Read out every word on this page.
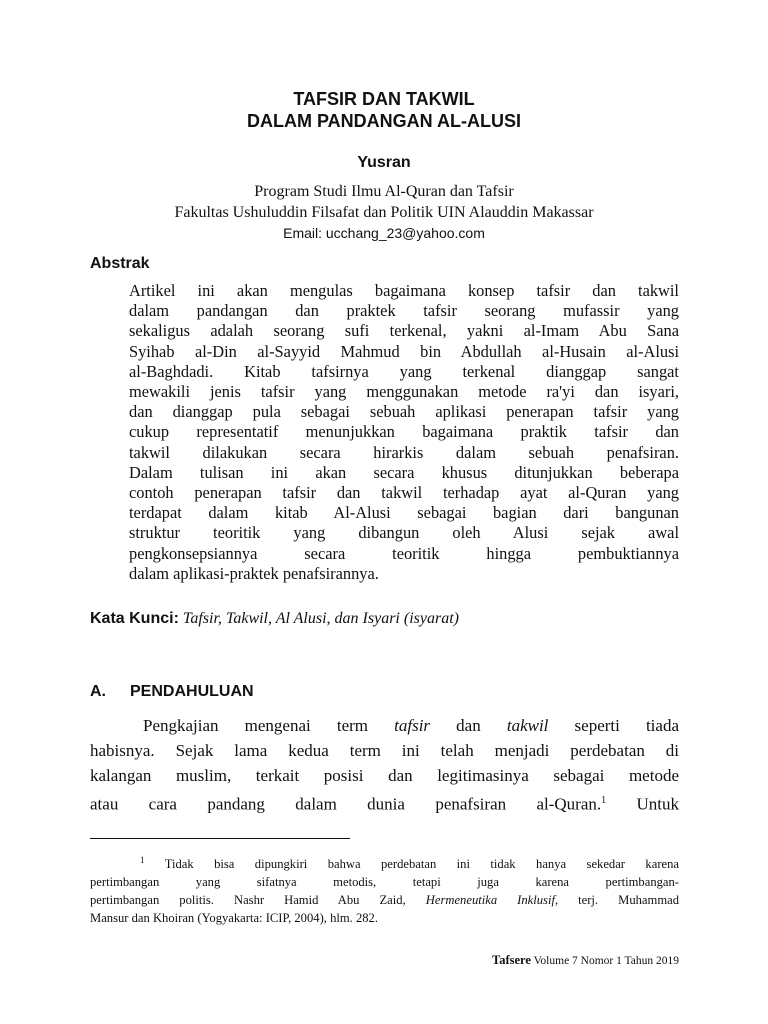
TAFSIR DAN TAKWIL
DALAM PANDANGAN AL-ALUSI
Yusran
Program Studi Ilmu Al-Quran dan Tafsir
Fakultas Ushuluddin Filsafat dan Politik UIN Alauddin Makassar
Email: ucchang_23@yahoo.com
Abstrak
Artikel ini akan mengulas bagaimana konsep tafsir dan takwil
dalam pandangan dan praktek tafsir seorang mufassir yang
sekaligus adalah seorang sufi terkenal, yakni al-Imam Abu Sana
Syihab al-Din al-Sayyid Mahmud bin Abdullah al-Husain al-Alusi
al-Baghdadi. Kitab tafsirnya yang terkenal dianggap sangat
mewakili jenis tafsir yang menggunakan metode ra'yi dan isyari,
dan dianggap pula sebagai sebuah aplikasi penerapan tafsir yang
cukup representatif menunjukkan bagaimana praktik tafsir dan
takwil dilakukan secara hirarkis dalam sebuah penafsiran.
Dalam tulisan ini akan secara khusus ditunjukkan beberapa
contoh penerapan tafsir dan takwil terhadap ayat al-Quran yang
terdapat dalam kitab Al-Alusi sebagai bagian dari bangunan
struktur teoritik yang dibangun oleh Alusi sejak awal
pengkonsepsiannya secara teoritik hingga pembuktiannya
dalam aplikasi-praktek penafsirannya.
Kata Kunci: Tafsir, Takwil, Al Alusi, dan Isyari (isyarat)
A. PENDAHULUAN
Pengkajian mengenai term tafsir dan takwil seperti tiada
habisnya. Sejak lama kedua term ini telah menjadi perdebatan di
kalangan muslim, terkait posisi dan legitimasinya sebagai metode
atau cara pandang dalam dunia penafsiran al-Quran.$^1$ Untuk
$^1$ Tidak bisa dipungkiri bahwa perdebatan ini tidak hanya sekedar karena
pertimbangan yang sifatnya metodis, tetapi juga karena pertimbangan-
pertimbangan politis. Nashr Hamid Abu Zaid, Hermeneutika Inklusif, terj. Muhammad
Mansur dan Khoiran (Yogyakarta: ICIP, 2004), hlm. 282.
Tafsere Volume 7 Nomor 1 Tahun 2019
